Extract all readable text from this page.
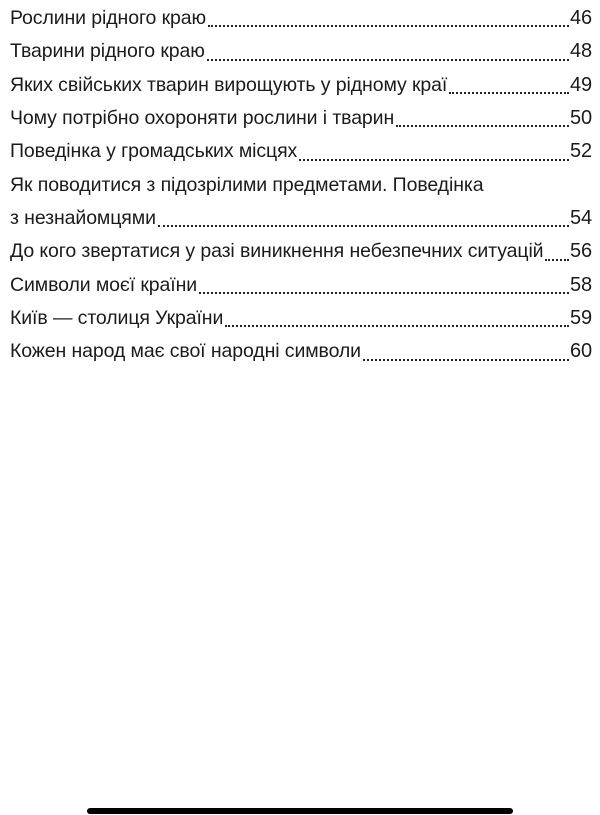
Рослини рідного краю	46
Тварини рідного краю	48
Яких свійських тварин вирощують у рідному краї	49
Чому потрібно охороняти рослини і тварин	50
Поведінка у громадських місцях	52
Як поводитися з підозрілими предметами. Поведінка
з незнайомцями	54
До кого звертатися у разі виникнення небезпечних ситуацій 56
Символи моєї країни	58
Київ — столиця України	59
Кожен народ має свої народні символи	60
